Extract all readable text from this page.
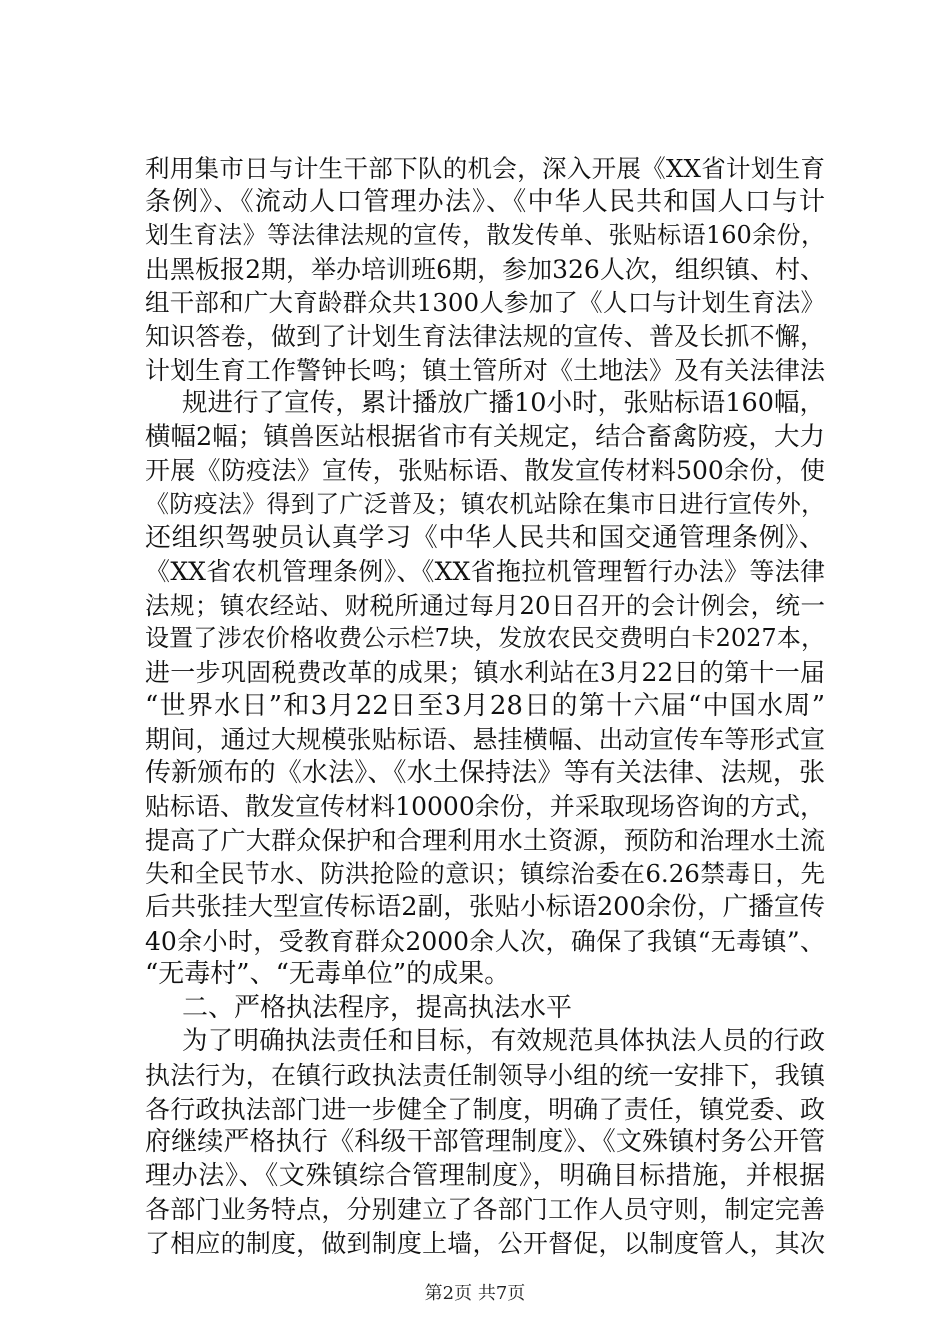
利用集市日与计生干部下队的机会，深入开展《XX省计划生育
条例》、《流动人口管理办法》、《中华人民共和国人口与计
划生育法》等法律法规的宣传，散发传单、张贴标语160余份，
出黑板报2期，举办培训班6期，参加326人次，组织镇、村、
组干部和广大育龄群众共1300人参加了《人口与计划生育法》
知识答卷，做到了计划生育法律法规的宣传、普及长抓不懈，
计划生育工作警钟长鸣；镇土管所对《土地法》及有关法律法
规进行了宣传，累计播放广播10小时，张贴标语160幅，
横幅2幅；镇兽医站根据省市有关规定，结合畜禽防疫，大力
开展《防疫法》宣传，张贴标语、散发宣传材料500余份，使
《防疫法》得到了广泛普及；镇农机站除在集市日进行宣传外，
还组织驾驶员认真学习《中华人民共和国交通管理条例》、
《XX省农机管理条例》、《XX省拖拉机管理暂行办法》等法律
法规；镇农经站、财税所通过每月20日召开的会计例会，统一
设置了涉农价格收费公示栏7块，发放农民交费明白卡2027本，
进一步巩固税费改革的成果；镇水利站在3月22日的第十一届
“世界水日”和3月22日至3月28日的第十六届“中国水周”
期间，通过大规模张贴标语、悬挂横幅、出动宣传车等形式宣
传新颁布的《水法》、《水土保持法》等有关法律、法规，张
贴标语、散发宣传材料10000余份，并采取现场咨询的方式，
提高了广大群众保护和合理利用水土资源，预防和治理水土流
失和全民节水、防洪抢险的意识；镇综治委在6.26禁毒日，先
后共张挂大型宣传标语2副，张贴小标语200余份，广播宣传
40余小时，受教育群众2000余人次，确保了我镇“无毒镇”、
“无毒村”、“无毒单位”的成果。
二、严格执法程序，提高执法水平
为了明确执法责任和目标，有效规范具体执法人员的行政
执法行为，在镇行政执法责任制领导小组的统一安排下，我镇
各行政执法部门进一步健全了制度，明确了责任，镇党委、政
府继续严格执行《科级干部管理制度》、《文殊镇村务公开管
理办法》、《文殊镇综合管理制度》，明确目标措施，并根据
各部门业务特点，分别建立了各部门工作人员守则，制定完善
了相应的制度，做到制度上墙，公开督促，以制度管人，其次
第2页 共7页
